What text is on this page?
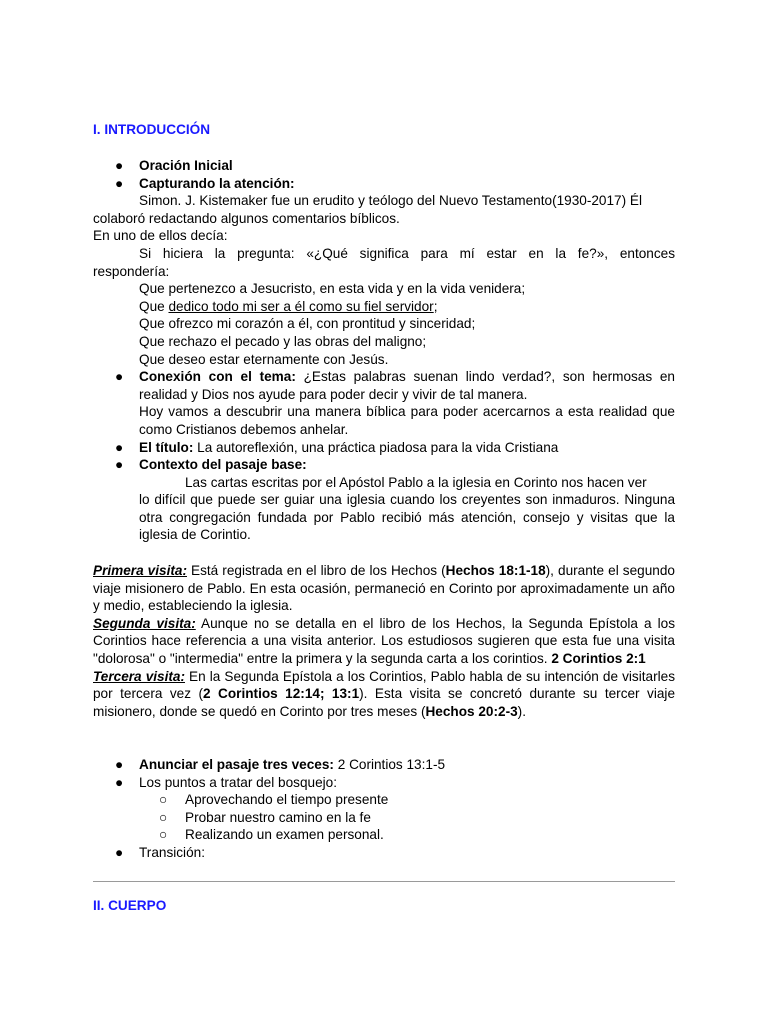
I. INTRODUCCIÓN
● Oración Inicial
● Capturando la atención:
Simon. J. Kistemaker fue un erudito y teólogo del Nuevo Testamento(1930-2017) Él
colaboró redactando algunos comentarios bíblicos.
En uno de ellos decía:
Si hiciera la pregunta: «¿Qué significa para mí estar en la fe?», entonces
respondería:
Que pertenezco a Jesucristo, en esta vida y en la vida venidera;
Que dedico todo mi ser a él como su fiel servidor;
Que ofrezco mi corazón a él, con prontitud y sinceridad;
Que rechazo el pecado y las obras del maligno;
Que deseo estar eternamente con Jesús.
● Conexión con el tema: ¿Estas palabras suenan lindo verdad?, son hermosas en realidad y Dios nos ayude para poder decir y vivir de tal manera.
Hoy vamos a descubrir una manera bíblica para poder acercarnos a esta realidad que como Cristianos debemos anhelar.
● El título: La autoreflexión, una práctica piadosa para la vida Cristiana
● Contexto del pasaje base:
Las cartas escritas por el Apóstol Pablo a la iglesia en Corinto nos hacen ver
lo difícil que puede ser guiar una iglesia cuando los creyentes son inmaduros. Ninguna otra congregación fundada por Pablo recibió más atención, consejo y visitas que la iglesia de Corintio.
Primera visita: Está registrada en el libro de los Hechos (Hechos 18:1-18), durante el segundo viaje misionero de Pablo. En esta ocasión, permaneció en Corinto por aproximadamente un año y medio, estableciendo la iglesia.
Segunda visita: Aunque no se detalla en el libro de los Hechos, la Segunda Epístola a los Corintios hace referencia a una visita anterior. Los estudiosos sugieren que esta fue una visita "dolorosa" o "intermedia" entre la primera y la segunda carta a los corintios. 2 Corintios 2:1
Tercera visita: En la Segunda Epístola a los Corintios, Pablo habla de su intención de visitarles por tercera vez (2 Corintios 12:14; 13:1). Esta visita se concretó durante su tercer viaje misionero, donde se quedó en Corinto por tres meses (Hechos 20:2-3).
● Anunciar el pasaje tres veces: 2 Corintios 13:1-5
● Los puntos a tratar del bosquejo:
○ Aprovechando el tiempo presente
○ Probar nuestro camino en la fe
○ Realizando un examen personal.
● Transición:
II. CUERPO
